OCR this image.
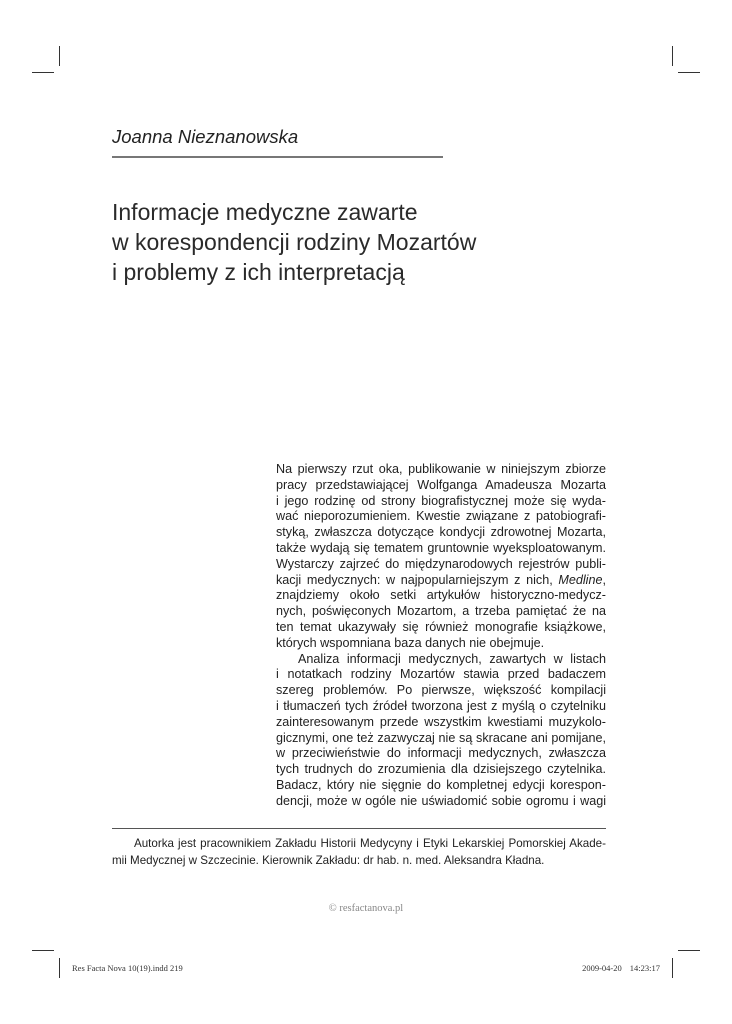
Joanna Nieznanowska

Informacje medyczne zawarte
w korespondencji rodziny Mozartów
i problemy z ich interpretacją

Na pierwszy rzut oka, publikowanie w niniejszym zbiorze
pracy przedstawiającej Wolfganga Amadeusza Mozarta
i jego rodzinę od strony biografistycznej może się wyda-
wać nieporozumieniem. Kwestie związane z patobiografi-
styką, zwłaszcza dotyczące kondycji zdrowotnej Mozarta,
także wydają się tematem gruntownie wyeksploatowanym.
Wystarczy zajrzeć do międzynarodowych rejestrów publi-
kacji medycznych: w najpopularniejszym z nich, Medline,
znajdziemy około setki artykułów historyczno-medycz-
nych, poświęconych Mozartom, a trzeba pamiętać że na
ten temat ukazywały się również monografie książkowe,
których wspomniana baza danych nie obejmuje.

Analiza informacji medycznych, zawartych w listach
i notatkach rodziny Mozartów stawia przed badaczem
szereg problemów. Po pierwsze, większość kompilacji
i tłumaczeń tych źródeł tworzona jest z myślą o czytelniku
zainteresowanym przede wszystkim kwestiami muzykolo-
gicznymi, one też zazwyczaj nie są skracane ani pomijane,
w przeciwieństwie do informacji medycznych, zwłaszcza
tych trudnych do zrozumienia dla dzisiejszego czytelnika.
Badacz, który nie sięgnie do kompletnej edycji korespon-
dencji, może w ogóle nie uświadomić sobie ogromu i wagi

Autorka jest pracownikiem Zakładu Historii Medycyny i Etyki Lekarskiej Pomorskiej Akade-
mii Medycznej w Szczecinie. Kierownik Zakładu: dr hab. n. med. Aleksandra Kładna.
© resfactanova.pl
Res Facta Nova 10(19).indd 219	2009-04-20 14:23:17
